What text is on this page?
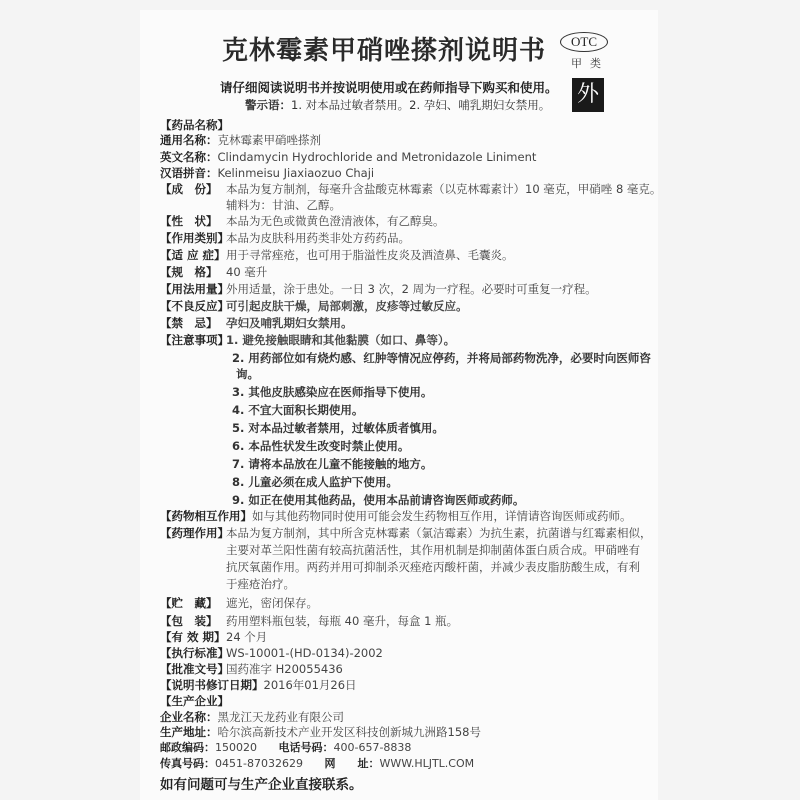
克林霉素甲硝唑搽剂说明书	OTC
甲类
外
请仔细阅读说明书并按说明使用或在药师指导下购买和使用。
警示语：1. 对本品过敏者禁用。2. 孕妇、哺乳期妇女禁用。
【药品名称】
通用名称：克林霉素甲硝唑搽剂
英文名称：Clindamycin Hydrochloride and Metronidazole Liniment
汉语拼音：Kelinmeisu Jiaxiaozuo Chaji
【成　份】 本品为复方制剂，每毫升含盐酸克林霉素（以克林霉素计）10 毫克，甲硝唑 8 毫克。
辅料为：甘油、乙醇。
【性　状】 本品为无色或微黄色澄清液体，有乙醇臭。
【作用类别】本品为皮肤科用药类非处方药药品。
【适 应 症】用于寻常痤疮，也可用于脂溢性皮炎及酒渣鼻、毛囊炎。
【规　格】 40 毫升
【用法用量】外用适量，涂于患处。一日 3 次，2 周为一疗程。必要时可重复一疗程。
【不良反应】可引起皮肤干燥，局部刺激，皮疹等过敏反应。
【禁　忌】 孕妇及哺乳期妇女禁用。
【注意事项】1. 避免接触眼睛和其他黏膜（如口、鼻等）。
2. 用药部位如有烧灼感、红肿等情况应停药，并将局部药物洗净，必要时向医师咨
询。
3. 其他皮肤感染应在医师指导下使用。
4. 不宜大面积长期使用。
5. 对本品过敏者禁用，过敏体质者慎用。
6. 本品性状发生改变时禁止使用。
7. 请将本品放在儿童不能接触的地方。
8. 儿童必须在成人监护下使用。
9. 如正在使用其他药品，使用本品前请咨询医师或药师。
【药物相互作用】如与其他药物同时使用可能会发生药物相互作用，详情请咨询医师或药师。
【药理作用】本品为复方制剂，其中所含克林霉素（氯洁霉素）为抗生素，抗菌谱与红霉素相似，
主要对革兰阳性菌有较高抗菌活性，其作用机制是抑制菌体蛋白质合成。甲硝唑有
抗厌氧菌作用。两药并用可抑制杀灭痤疮丙酸杆菌，并减少表皮脂肪酸生成，有利
于痤疮治疗。
【贮　藏】 遮光，密闭保存。
【包　装】 药用塑料瓶包装，每瓶 40 毫升，每盒 1 瓶。
【有 效 期】24 个月
【执行标准】WS-10001-(HD-0134)-2002
【批准文号】国药准字 H20055436
【说明书修订日期】2016年01月26日
【生产企业】
企业名称：黑龙江天龙药业有限公司
生产地址：哈尔滨高新技术产业开发区科技创新城九洲路158号
邮政编码：150020 电话号码：400-657-8838
传真号码：0451-87032629 网　　址：WWW.HLJTL.COM
如有问题可与生产企业直接联系。
